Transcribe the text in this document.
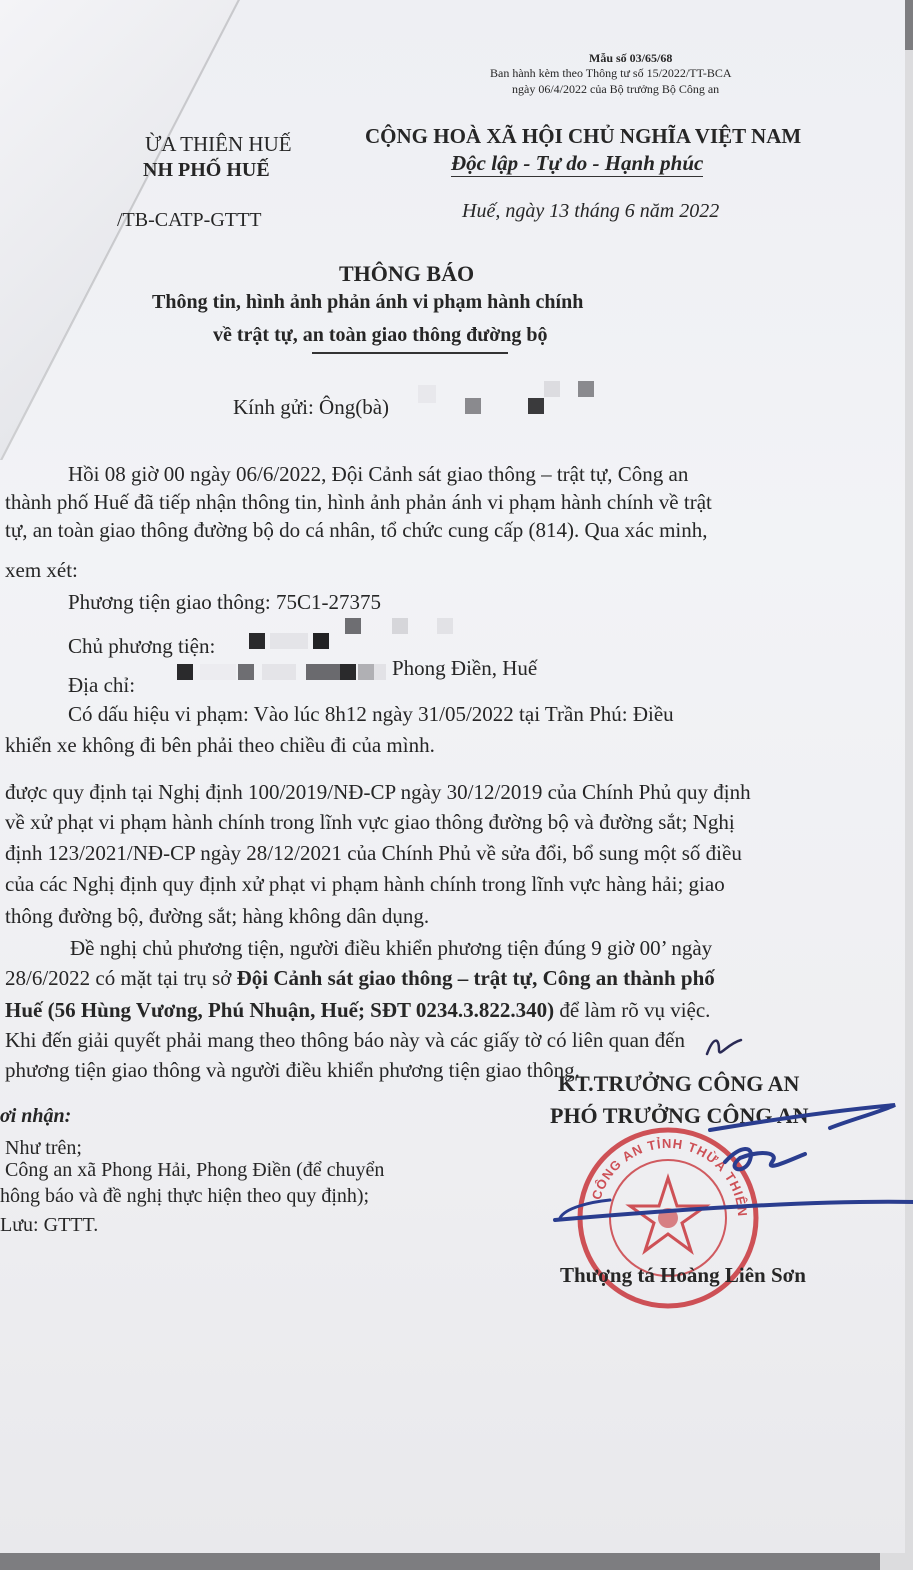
Mẫu số 03/65/68
Ban hành kèm theo Thông tư số 15/2022/TT-BCA
ngày 06/4/2022 của Bộ trưởng Bộ Công an
ỪA THIÊN HUẾ
NH PHỐ HUẾ
/TB-CATP-GTTT
CỘNG HOÀ XÃ HỘI CHỦ NGHĨA VIỆT NAM
Độc lập - Tự do - Hạnh phúc
Huế, ngày 13 tháng 6 năm 2022
THÔNG BÁO
Thông tin, hình ảnh phản ánh vi phạm hành chính
về trật tự, an toàn giao thông đường bộ
Kính gửi: Ông(bà)
Hồi 08 giờ 00 ngày 06/6/2022, Đội Cảnh sát giao thông – trật tự, Công an
thành phố Huế đã tiếp nhận thông tin, hình ảnh phản ánh vi phạm hành chính về trật
tự, an toàn giao thông đường bộ do cá nhân, tổ chức cung cấp (814). Qua xác minh,
xem xét:
Phương tiện giao thông: 75C1-27375
Chủ phương tiện:
Địa chỉ:
Phong Điền, Huế
Có dấu hiệu vi phạm: Vào lúc 8h12 ngày 31/05/2022 tại Trần Phú: Điều
khiển xe không đi bên phải theo chiều đi của mình.
được quy định tại Nghị định 100/2019/NĐ-CP ngày 30/12/2019 của Chính Phủ quy định
về xử phạt vi phạm hành chính trong lĩnh vực giao thông đường bộ và đường sắt; Nghị
định 123/2021/NĐ-CP ngày 28/12/2021 của Chính Phủ về sửa đổi, bổ sung một số điều
của các Nghị định quy định xử phạt vi phạm hành chính trong lĩnh vực hàng hải; giao
thông đường bộ, đường sắt; hàng không dân dụng.
Đề nghị chủ phương tiện, người điều khiển phương tiện đúng 9 giờ 00’ ngày
28/6/2022 có mặt tại trụ sở Đội Cảnh sát giao thông – trật tự, Công an thành phố
Huế (56 Hùng Vương, Phú Nhuận, Huế; SĐT 0234.3.822.340) để làm rõ vụ việc.
Khi đến giải quyết phải mang theo thông báo này và các giấy tờ có liên quan đến
phương tiện giao thông và người điều khiển phương tiện giao thông.
ơi nhận:
Như trên;
Công an xã Phong Hải, Phong Điền (để chuyển
hông báo và đề nghị thực hiện theo quy định);
Lưu: GTTT.
CÔNG AN TỈNH THỪA THIÊN
KT.TRƯỞNG CÔNG AN
PHÓ TRƯỞNG CÔNG AN
Thượng tá Hoàng Liên Sơn
